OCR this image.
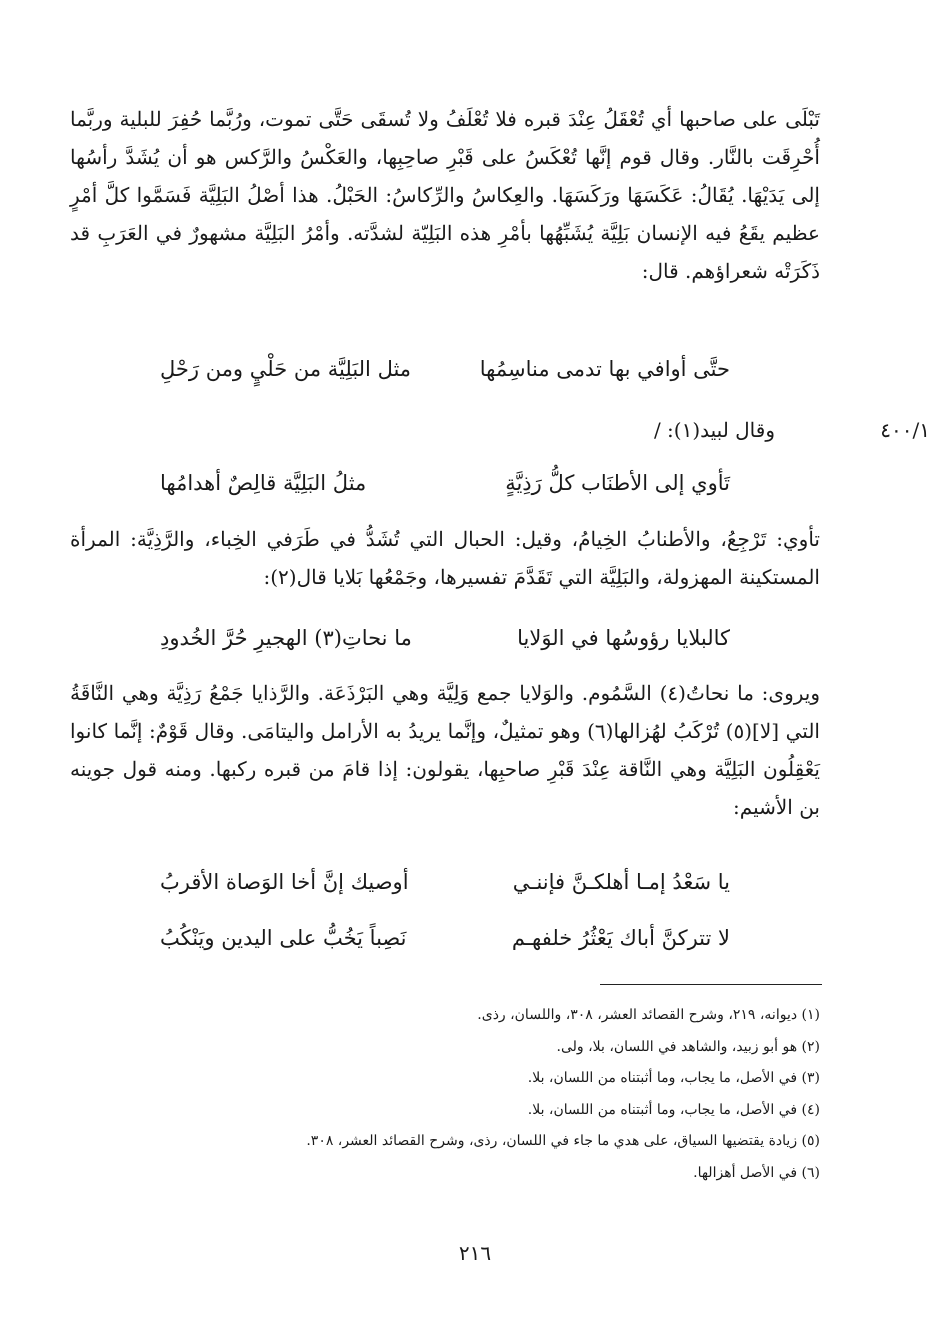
تَبْلَى على صاحبها أي تُعْقَلُ عِنْدَ قبره فلا تُعْلَفُ ولا تُسقَى حَتَّى تموت، ورُبَّما حُفِرَ للبلية وربَّما أُحْرِقَت بالنَّار. وقال قوم إنَّها تُعْكَسُ على قَبْرِ صاحِبِها، والعَكْسُ والرَّكس هو أن يُشَدَّ رأسُها إلى يَدَيْهَا. يُقَالُ: عَكَسَهَا ورَكَسَهَا. والعِكاسُ والرِّكاسُ: الحَبْلُ. هذا أصْلُ البَلِيَّة فَسَمَّوا كلَّ أمْرٍ عظيم يقَعُ فيه الإنسان بَلِيَّة يُشَبِّهُها بأمْرِ هذه البَلِيّة لشدَّته. وأمْرُ البَلِيَّة مشهورٌ في العَرَبِ قد ذَكَرَتْه شعراؤهم. قال:
حتَّى أوافي بها تدمى مناسِمُها
مثل البَلِيَّة من حَلْيٍ ومن رَحْلِ
٤٠٠/١
وقال لبيد(١): /
تَأوي إلى الأطنَاب كلُّ رَذِيَّةٍ
مثلُ البَلِيَّة قالِصٌ أهدامُها
تأوي: تَرْجِعُ، والأطنابُ الخِيامُ، وقيل: الحبال التي تُشَدُّ في طَرَفي الخِباء، والرَّذِيَّة: المرأة المستكينة المهزولة، والبَلِيَّة التي تَقَدَّمَ تفسيرها، وجَمْعُها بَلايا قال(٢):
كالبلايا رؤوسُها في الوَلايا
ما نحاتِ(٣) الهجيرِ حُرَّ الخُدودِ
ويروى: ما نحاتُ(٤) السَّمُوم. والوَلايا جمع وَلِيَّة وهي البَرْذَعَة. والرَّذايا جَمْعُ رَذِيَّة وهي النَّاقَةُ التي [لا](٥) تُرْكَبُ لهُزالها(٦) وهو تمثيلٌ، وإنَّما يريدُ به الأرامل واليتامَى. وقال قَوْمٌ: إنَّما كانوا يَعْقِلُون البَلِيَّة وهي النَّاقة عِنْدَ قَبْرِ صاحبِها، يقولون: إذا قامَ من قبره ركبها. ومنه قول جوينه بن الأشيم:
يا سَعْدُ إمـا أهلكـنَّ فإننـي
أوصيك إنَّ أخا الوَصاة الأقربُ
لا تتركنَّ أباك يَعْثُرُ خلفهـم
نَصِباً يَخُبُّ على اليدين ويَنْكُبُ
(١) ديوانه، ٢١٩، وشرح القصائد العشر، ٣٠٨، واللسان، رذى.
(٢) هو أبو زبيد، والشاهد في اللسان، بلا، ولى.
(٣) في الأصل، ما يجاب، وما أثبتناه من اللسان، بلا.
(٤) في الأصل، ما يجاب، وما أثبتناه من اللسان، بلا.
(٥) زيادة يقتضيها السياق، على هدي ما جاء في اللسان، رذى، وشرح القصائد العشر، ٣٠٨.
(٦) في الأصل أهزالها.
٢١٦
